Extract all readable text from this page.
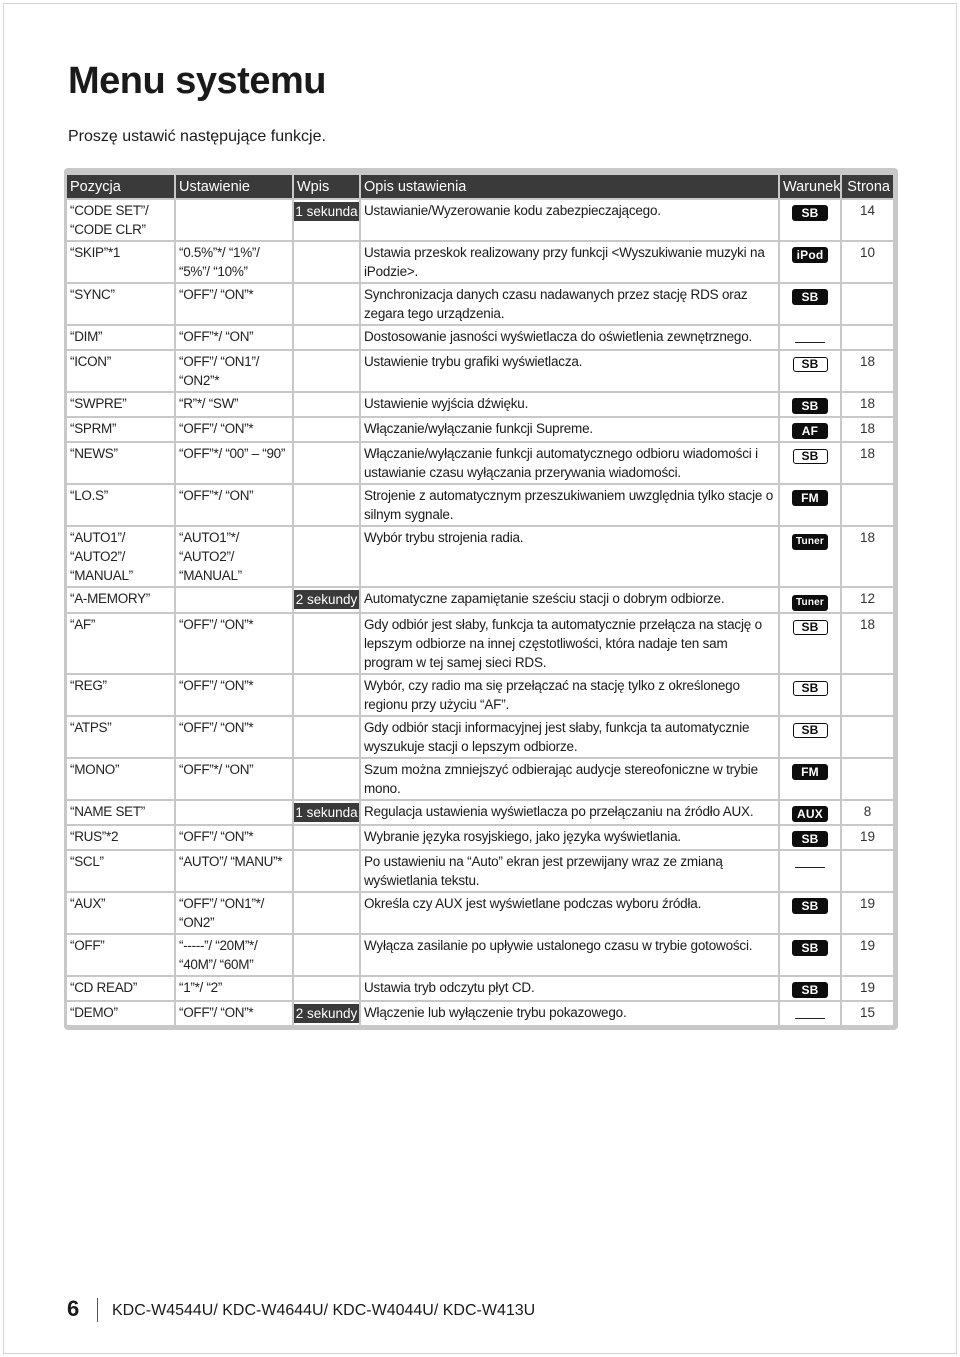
Menu systemu

Proszę ustawić następujące funkcje.

Pozycja	Ustawienie	Wpis	Opis ustawienia	Warunek	Strona
“CODE SET”/ “CODE CLR”		1 sekunda	Ustawianie/Wyzerowanie kodu zabezpieczającego.	SB	14
“SKIP”*1	“0.5%”*/ “1%”/ “5%”/ “10%”		Ustawia przeskok realizowany przy funkcji <Wyszukiwanie muzyki na iPodzie>.	iPod	10
“SYNC”	“OFF”/ “ON”*		Synchronizacja danych czasu nadawanych przez stację RDS oraz zegara tego urządzenia.	SB	
“DIM”	“OFF”*/ “ON”		Dostosowanie jasności wyświetlacza do oświetlenia zewnętrznego.		
“ICON”	“OFF”/ “ON1”/ “ON2”*		Ustawienie trybu grafiki wyświetlacza.	SB	18
“SWPRE”	“R”*/ “SW”		Ustawienie wyjścia dźwięku.	SB	18
“SPRM”	“OFF”/ “ON”*		Włączanie/wyłączanie funkcji Supreme.	AF	18
“NEWS”	“OFF”*/ “00” – “90”		Włączanie/wyłączanie funkcji automatycznego odbioru wiadomości i ustawianie czasu wyłączania przerywania wiadomości.	SB	18
“LO.S”	“OFF”*/ “ON”		Strojenie z automatycznym przeszukiwaniem uwzględnia tylko stacje o silnym sygnale.	FM	
“AUTO1”/ “AUTO2”/ “MANUAL”	“AUTO1”*/ “AUTO2”/ “MANUAL”		Wybór trybu strojenia radia.	Tuner	18
“A-MEMORY”		2 sekundy	Automatyczne zapamiętanie sześciu stacji o dobrym odbiorze.	Tuner	12
“AF”	“OFF”/ “ON”*		Gdy odbiór jest słaby, funkcja ta automatycznie przełącza na stację o lepszym odbiorze na innej częstotliwości, która nadaje ten sam program w tej samej sieci RDS.	SB	18
“REG”	“OFF”/ “ON”*		Wybór, czy radio ma się przełączać na stację tylko z określonego regionu przy użyciu “AF”.	SB	
“ATPS”	“OFF”/ “ON”*		Gdy odbiór stacji informacyjnej jest słaby, funkcja ta automatycznie wyszukuje stacji o lepszym odbiorze.	SB	
“MONO”	“OFF”*/ “ON”		Szum można zmniejszyć odbierając audycje stereofoniczne w trybie mono.	FM	
“NAME SET”		1 sekunda	Regulacja ustawienia wyświetlacza po przełączaniu na źródło AUX.	AUX	8
“RUS”*2	“OFF”/ “ON”*		Wybranie języka rosyjskiego, jako języka wyświetlania.	SB	19
“SCL”	“AUTO”/ “MANU”*		Po ustawieniu na “Auto” ekran jest przewijany wraz ze zmianą wyświetlania tekstu.		
“AUX”	“OFF”/ “ON1”*/ “ON2”		Określa czy AUX jest wyświetlane podczas wyboru źródła.	SB	19
“OFF”	“-----”/ “20M”*/ “40M”/ “60M”		Wyłącza zasilanie po upływie ustalonego czasu w trybie gotowości.	SB	19
“CD READ”	“1”*/ “2”		Ustawia tryb odczytu płyt CD.	SB	19
“DEMO”	“OFF”/ “ON”*	2 sekundy	Włączenie lub wyłączenie trybu pokazowego.		15
6 KDC-W4544U/ KDC-W4644U/ KDC-W4044U/ KDC-W413U
